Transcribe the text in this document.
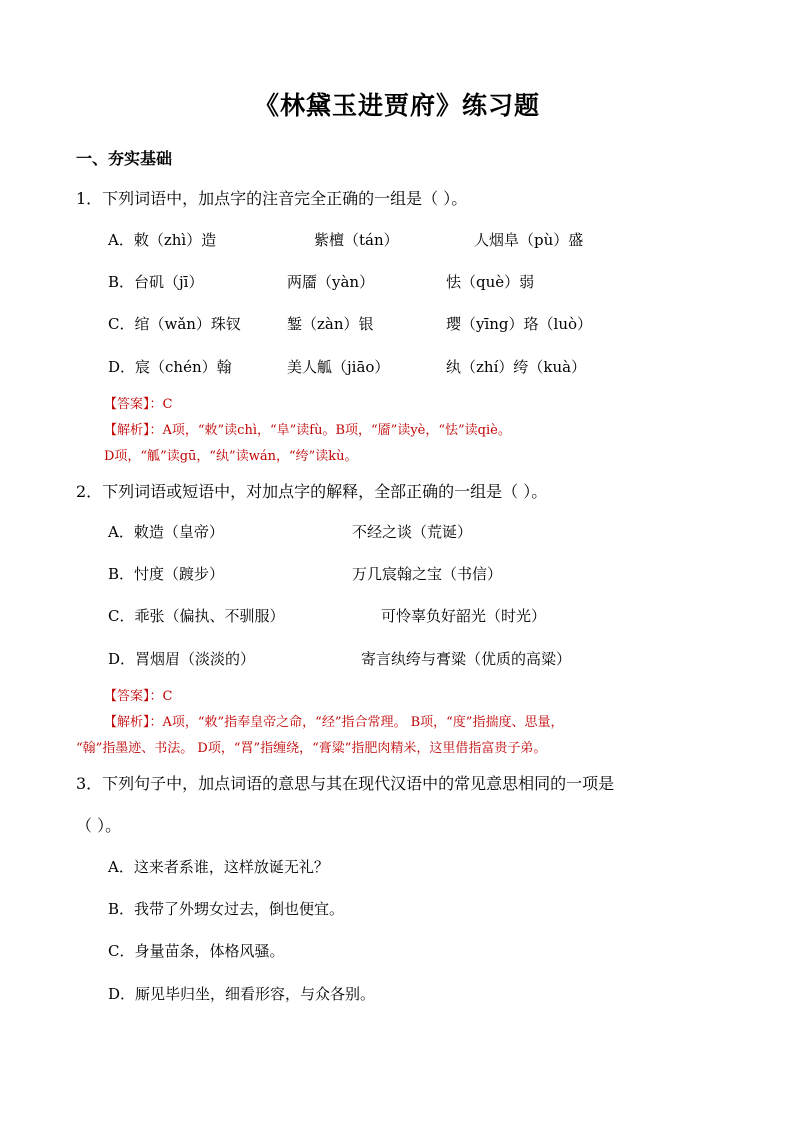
《林黛玉进贾府》练习题
一、夯实基础
1．下列词语中，加点字的注音完全正确的一组是（ ）。
A．敕（zhì）造	紫檀（tán）	人烟阜（pù）盛
B．台矶（jī）	两靥（yàn）	怯（què）弱
C．绾（wǎn）珠钗	錾（zàn）银	璎（yīng）珞（luò）
D．宸（chén）翰	美人觚（jiāo）	纨（zhí）绔（kuà）
【答案】：C
【解析】：A项，“敕”读chì，“阜”读fù。B项，“靥”读yè，“怯”读qiè。
D项，“觚”读gū，“纨”读wán，“绔”读kù。
2．下列词语或短语中，对加点字的解释，全部正确的一组是（ ）。
A．敕造（皇帝）	不经之谈（荒诞）
B．忖度（踱步）	万几宸翰之宝（书信）
C．乖张（偏执、不驯服）	可怜辜负好韶光（时光）
D．罥烟眉（淡淡的）	寄言纨绔与膏粱（优质的高粱）
【答案】：C
【解析】：A项，“敕”指奉皇帝之命，“经”指合常理。 B项，“度”指揣度、思量，
“翰”指墨迹、书法。 D项，“罥”指缠绕，“膏粱”指肥肉精米，这里借指富贵子弟。
3．下列句子中，加点词语的意思与其在现代汉语中的常见意思相同的一项是
（ ）。
A．这来者系谁，这样放诞无礼？
B．我带了外甥女过去，倒也便宜。
C．身量苗条，体格风骚。
D．厮见毕归坐，细看形容，与众各别。
